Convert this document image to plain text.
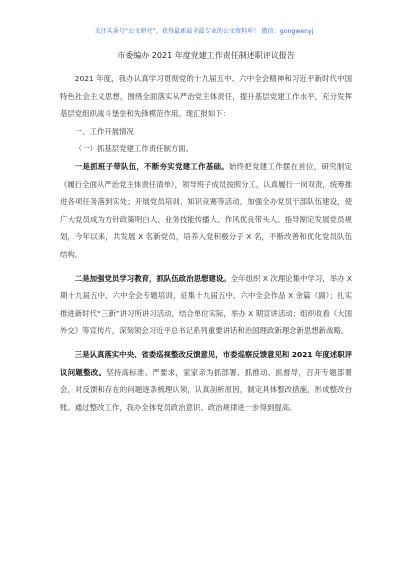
关注头条号“公文研究”，获得最新最全最专业的公文资料库！ 微信：gongwenyj
市委编办 2021 年度党建工作责任制述职评议报告

2021 年度，我办认真学习贯彻党的十九届五中、六中全会精神和习近平新时代中国特色社会主义思想，围绕全面落实从严治党主体责任，提升基层党建工作水平，充分发挥基层党组织战斗堡垒和先锋模范作用。现汇报如下：

一、工作开展情况

（一）抓基层党建工作责任制方面。

一是抓班子带队伍，不断夯实党建工作基础。始终把党建工作摆在首位，研究制定《履行全面从严治党主体责任清单》，领导班子成员按照分工，认真履行一岗双责，统筹推进各项任务落到实处；开展党员培训、知识竞赛等活动，加强全办党员干部队伍建设，使广大党员成为方针政策明白人、业务技能传播人、作风优良带头人。指导制定发展党员规划，今年以来，共发展 X 名新党员，培养入党积极分子 X 名，不断改善和优化党员队伍结构。

二是加强党员学习教育，抓队伍政治思想建设。全年组织 X 次理论集中学习，举办 X 期十九届五中、六中全会专题培训，征集十九届五中、六中全会作品 X 余篇（副）；扎实推进新时代“三新”讲习所讲习活动，结合单位实际，举办 X 期宣讲活动；组织收看《大国外交》等宣传片，深刻领会习近平总书记系列重要讲话和治国理政新理念新思想新战略。

三是认真落实中央、省委巡视整改反馈意见，市委巡察反馈意见和 2021 年度述职评议问题整改。坚持高标准、严要求，家家亲为抓部署、抓推动、抓督导，召开专题部署会，对反馈和存在的问题逐条梳理认领，认真剖析原因，制定具体整改措施，形成整改台账。通过整改工作，我办全体党员政治意识、政治规律进一步得到提高。
